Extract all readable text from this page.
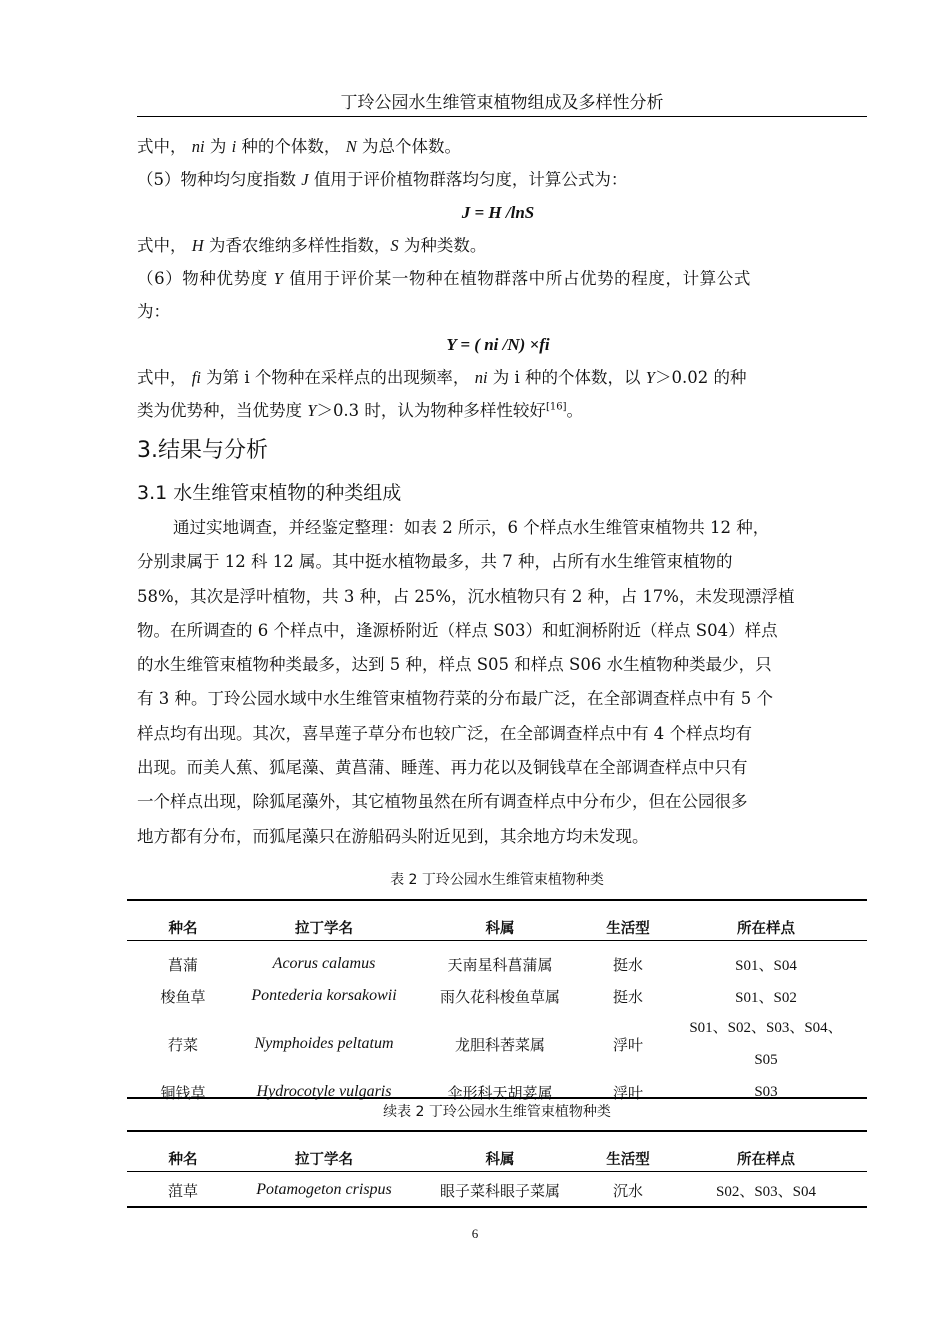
丁玲公园水生维管束植物组成及多样性分析
式中， ni 为 i 种的个体数， N 为总个体数。
（5）物种均匀度指数 J 值用于评价植物群落均匀度，计算公式为：
J = H /lnS
式中， H 为香农维纳多样性指数，S 为种类数。
（6）物种优势度 Y 值用于评价某一物种在植物群落中所占优势的程度，计算公式
为：
Y = ( ni /N) ×fi
式中， fi 为第 i 个物种在采样点的出现频率， ni 为 i 种的个体数，以 Y＞0.02 的种
类为优势种，当优势度 Y＞0.3 时，认为物种多样性较好[16]。
3.结果与分析
3.1 水生维管束植物的种类组成
通过实地调查，并经鉴定整理：如表 2 所示，6 个样点水生维管束植物共 12 种，
分别隶属于 12 科 12 属。其中挺水植物最多，共 7 种，占所有水生维管束植物的
58%，其次是浮叶植物，共 3 种，占 25%，沉水植物只有 2 种，占 17%，未发现漂浮植
物。在所调查的 6 个样点中，逢源桥附近（样点 S03）和虹涧桥附近（样点 S04）样点
的水生维管束植物种类最多，达到 5 种，样点 S05 和样点 S06 水生植物种类最少，只
有 3 种。丁玲公园水域中水生维管束植物荇菜的分布最广泛，在全部调查样点中有 5 个
样点均有出现。其次，喜旱莲子草分布也较广泛，在全部调查样点中有 4 个样点均有
出现。而美人蕉、狐尾藻、黄菖蒲、睡莲、再力花以及铜钱草在全部调查样点中只有
一个样点出现，除狐尾藻外，其它植物虽然在所有调查样点中分布少，但在公园很多
地方都有分布，而狐尾藻只在游船码头附近见到，其余地方均未发现。
表 2 丁玲公园水生维管束植物种类
种名	拉丁学名	科属	生活型	所在样点
菖蒲	Acorus calamus	天南星科菖蒲属	挺水	S01、S04
梭鱼草	Pontederia korsakowii	雨久花科梭鱼草属	挺水	S01、S02
荇菜	Nymphoides peltatum	龙胆科莕菜属	浮叶
S01、S02、S03、S04、
S05
铜钱草	Hydrocotyle vulgaris	伞形科天胡荽属	浮叶	S03
续表 2 丁玲公园水生维管束植物种类
种名	拉丁学名	科属	生活型	所在样点
菹草	Potamogeton crispus	眼子菜科眼子菜属	沉水	S02、S03、S04
6
